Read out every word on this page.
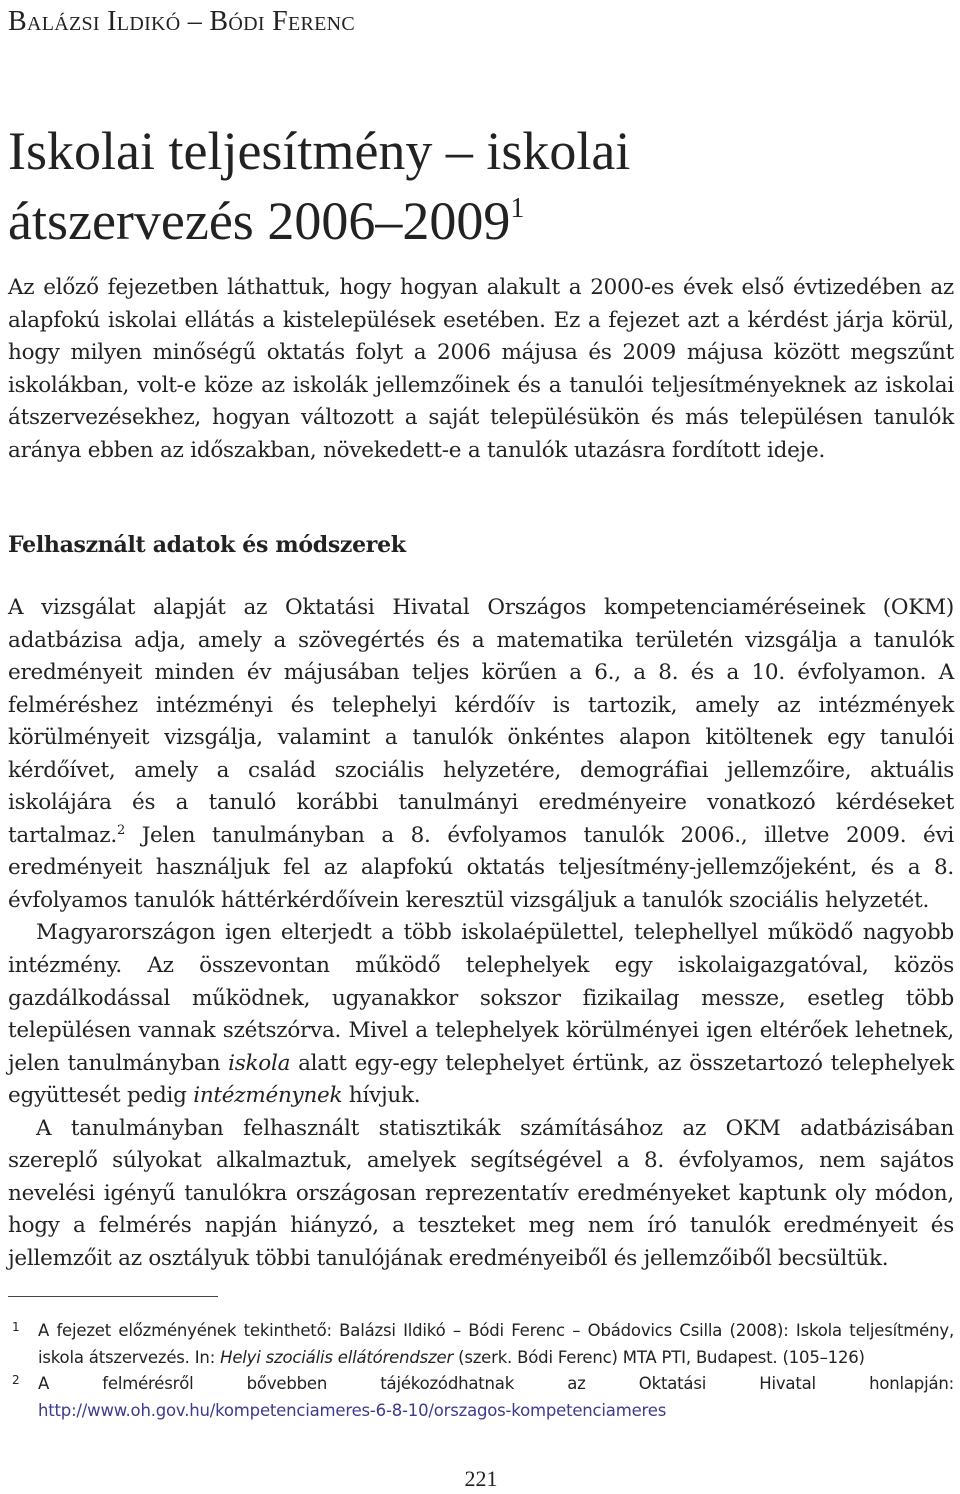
Balázsi Ildikó – Bódi Ferenc
Iskolai teljesítmény – iskolai
átszervezés 2006–2009$^1$

Az előző fejezetben láthattuk, hogy hogyan alakult a 2000-es évek első évtizedében az alapfokú iskolai ellátás a kistelepülések esetében. Ez a fejezet azt a kérdést járja körül, hogy milyen minőségű oktatás folyt a 2006 májusa és 2009 májusa között megszűnt iskolákban, volt-e köze az iskolák jellemzőinek és a tanulói teljesítményeknek az iskolai átszervezésekhez, hogyan változott a saját településükön és más településen tanulók aránya ebben az időszakban, növekedett-e a tanulók utazásra fordított ideje.

Felhasznált adatok és módszerek

A vizsgálat alapját az Oktatási Hivatal Országos kompetenciaméréseinek (OKM) adatbázisa adja, amely a szövegértés és a matematika területén vizsgálja a tanulók eredményeit minden év májusában teljes körűen a 6., a 8. és a 10. évfolyamon. A felméréshez intézményi és telephelyi kérdőív is tartozik, amely az intézmények körülményeit vizsgálja, valamint a tanulók önkéntes alapon kitöltenek egy tanulói kérdőívet, amely a család szociális helyzetére, demográfiai jellemzőire, aktuális iskolájára és a tanuló korábbi tanulmányi eredményeire vonatkozó kérdéseket tartalmaz.$^2$ Jelen tanulmányban a 8. évfolyamos tanulók 2006., illetve 2009. évi eredményeit használjuk fel az alapfokú oktatás teljesítmény-jellemzőjeként, és a 8. évfolyamos tanulók háttérkérdőívein keresztül vizsgáljuk a tanulók szociális helyzetét.

Magyarországon igen elterjedt a több iskolaépülettel, telephellyel működő nagyobb intézmény. Az összevontan működő telephelyek egy iskolaigazgatóval, közös gazdálkodással működnek, ugyanakkor sokszor fizikailag messze, esetleg több településen vannak szétszórva. Mivel a telephelyek körülményei igen eltérőek lehetnek, jelen tanulmányban iskola alatt egy-egy telephelyet értünk, az összetartozó telephelyek együttesét pedig intézménynek hívjuk.

A tanulmányban felhasznált statisztikák számításához az OKM adatbázisában szereplő súlyokat alkalmaztuk, amelyek segítségével a 8. évfolyamos, nem sajátos nevelési igényű tanulókra országosan reprezentatív eredményeket kaptunk oly módon, hogy a felmérés napján hiányzó, a teszteket meg nem író tanulók eredményeit és jellemzőit az osztályuk többi tanulójának eredményeiből és jellemzőiből becsültük.

1 A fejezet előzményének tekinthető: Balázsi Ildikó – Bódi Ferenc – Obádovics Csilla (2008): Iskola teljesítmény, iskola átszervezés. In: Helyi szociális ellátórendszer (szerk. Bódi Ferenc) MTA PTI, Budapest. (105–126)
2 A felmérésről bővebben tájékozódhatnak az Oktatási Hivatal honlapján: http://www.oh.gov.hu/kompetenciameres-6-8-10/orszagos-kompetenciameres
221
